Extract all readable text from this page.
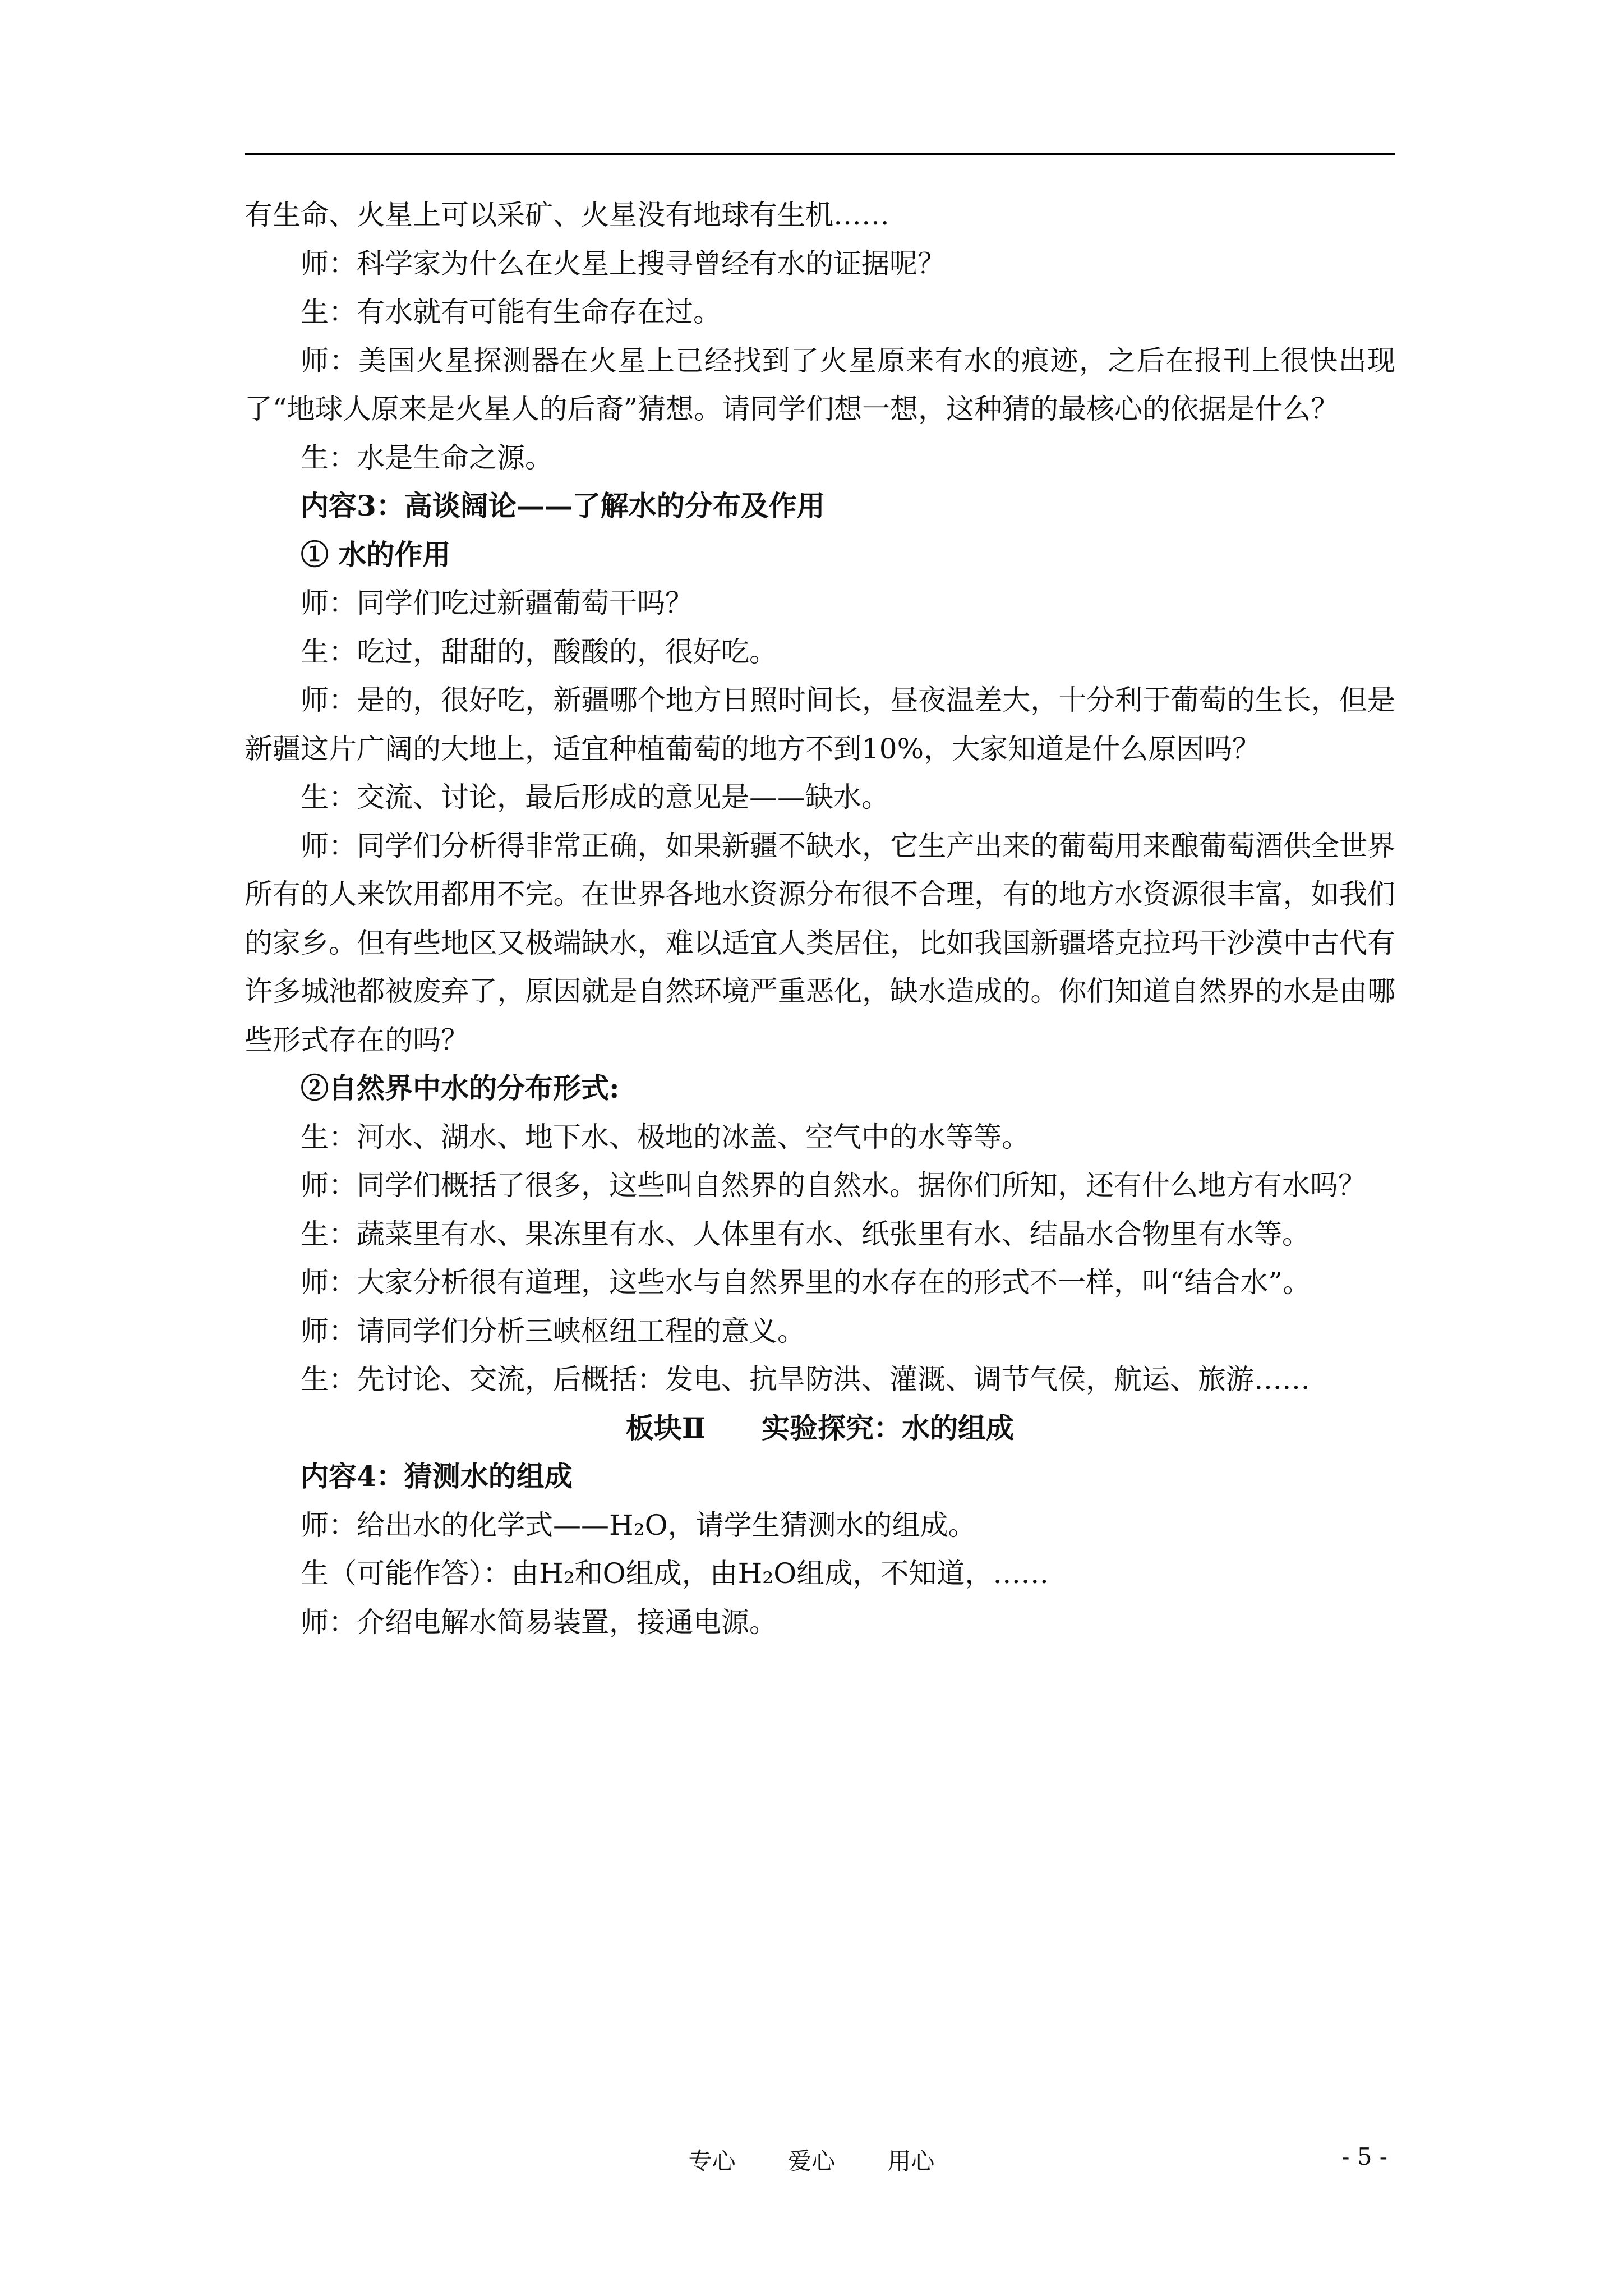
有生命、火星上可以采矿、火星没有地球有生机……

师：科学家为什么在火星上搜寻曾经有水的证据呢？

生：有水就有可能有生命存在过。

师：美国火星探测器在火星上已经找到了火星原来有水的痕迹，之后在报刊上很快出现了“地球人原来是火星人的后裔”猜想。请同学们想一想，这种猜的最核心的依据是什么？

生：水是生命之源。

内容3：高谈阔论——了解水的分布及作用

① 水的作用

师：同学们吃过新疆葡萄干吗？

生：吃过，甜甜的，酸酸的，很好吃。

师：是的，很好吃，新疆哪个地方日照时间长，昼夜温差大，十分利于葡萄的生长，但是新疆这片广阔的大地上，适宜种植葡萄的地方不到10%，大家知道是什么原因吗？

生：交流、讨论，最后形成的意见是——缺水。

师：同学们分析得非常正确，如果新疆不缺水，它生产出来的葡萄用来酿葡萄酒供全世界所有的人来饮用都用不完。在世界各地水资源分布很不合理，有的地方水资源很丰富，如我们的家乡。但有些地区又极端缺水，难以适宜人类居住，比如我国新疆塔克拉玛干沙漠中古代有许多城池都被废弃了，原因就是自然环境严重恶化，缺水造成的。你们知道自然界的水是由哪些形式存在的吗？

②自然界中水的分布形式:

生：河水、湖水、地下水、极地的冰盖、空气中的水等等。

师：同学们概括了很多，这些叫自然界的自然水。据你们所知，还有什么地方有水吗？

生：蔬菜里有水、果冻里有水、人体里有水、纸张里有水、结晶水合物里有水等。

师：大家分析很有道理，这些水与自然界里的水存在的形式不一样，叫“结合水”。

师：请同学们分析三峡枢纽工程的意义。

生：先讨论、交流，后概括：发电、抗旱防洪、灌溉、调节气侯，航运、旅游……

板块Ⅱ　　实验探究：水的组成

内容4：猜测水的组成

师：给出水的化学式——H₂O，请学生猜测水的组成。

生（可能作答）：由H₂和O组成，由H₂O组成，不知道，……

师：介绍电解水简易装置，接通电源。

专心 爱心 用心	- 5 -
